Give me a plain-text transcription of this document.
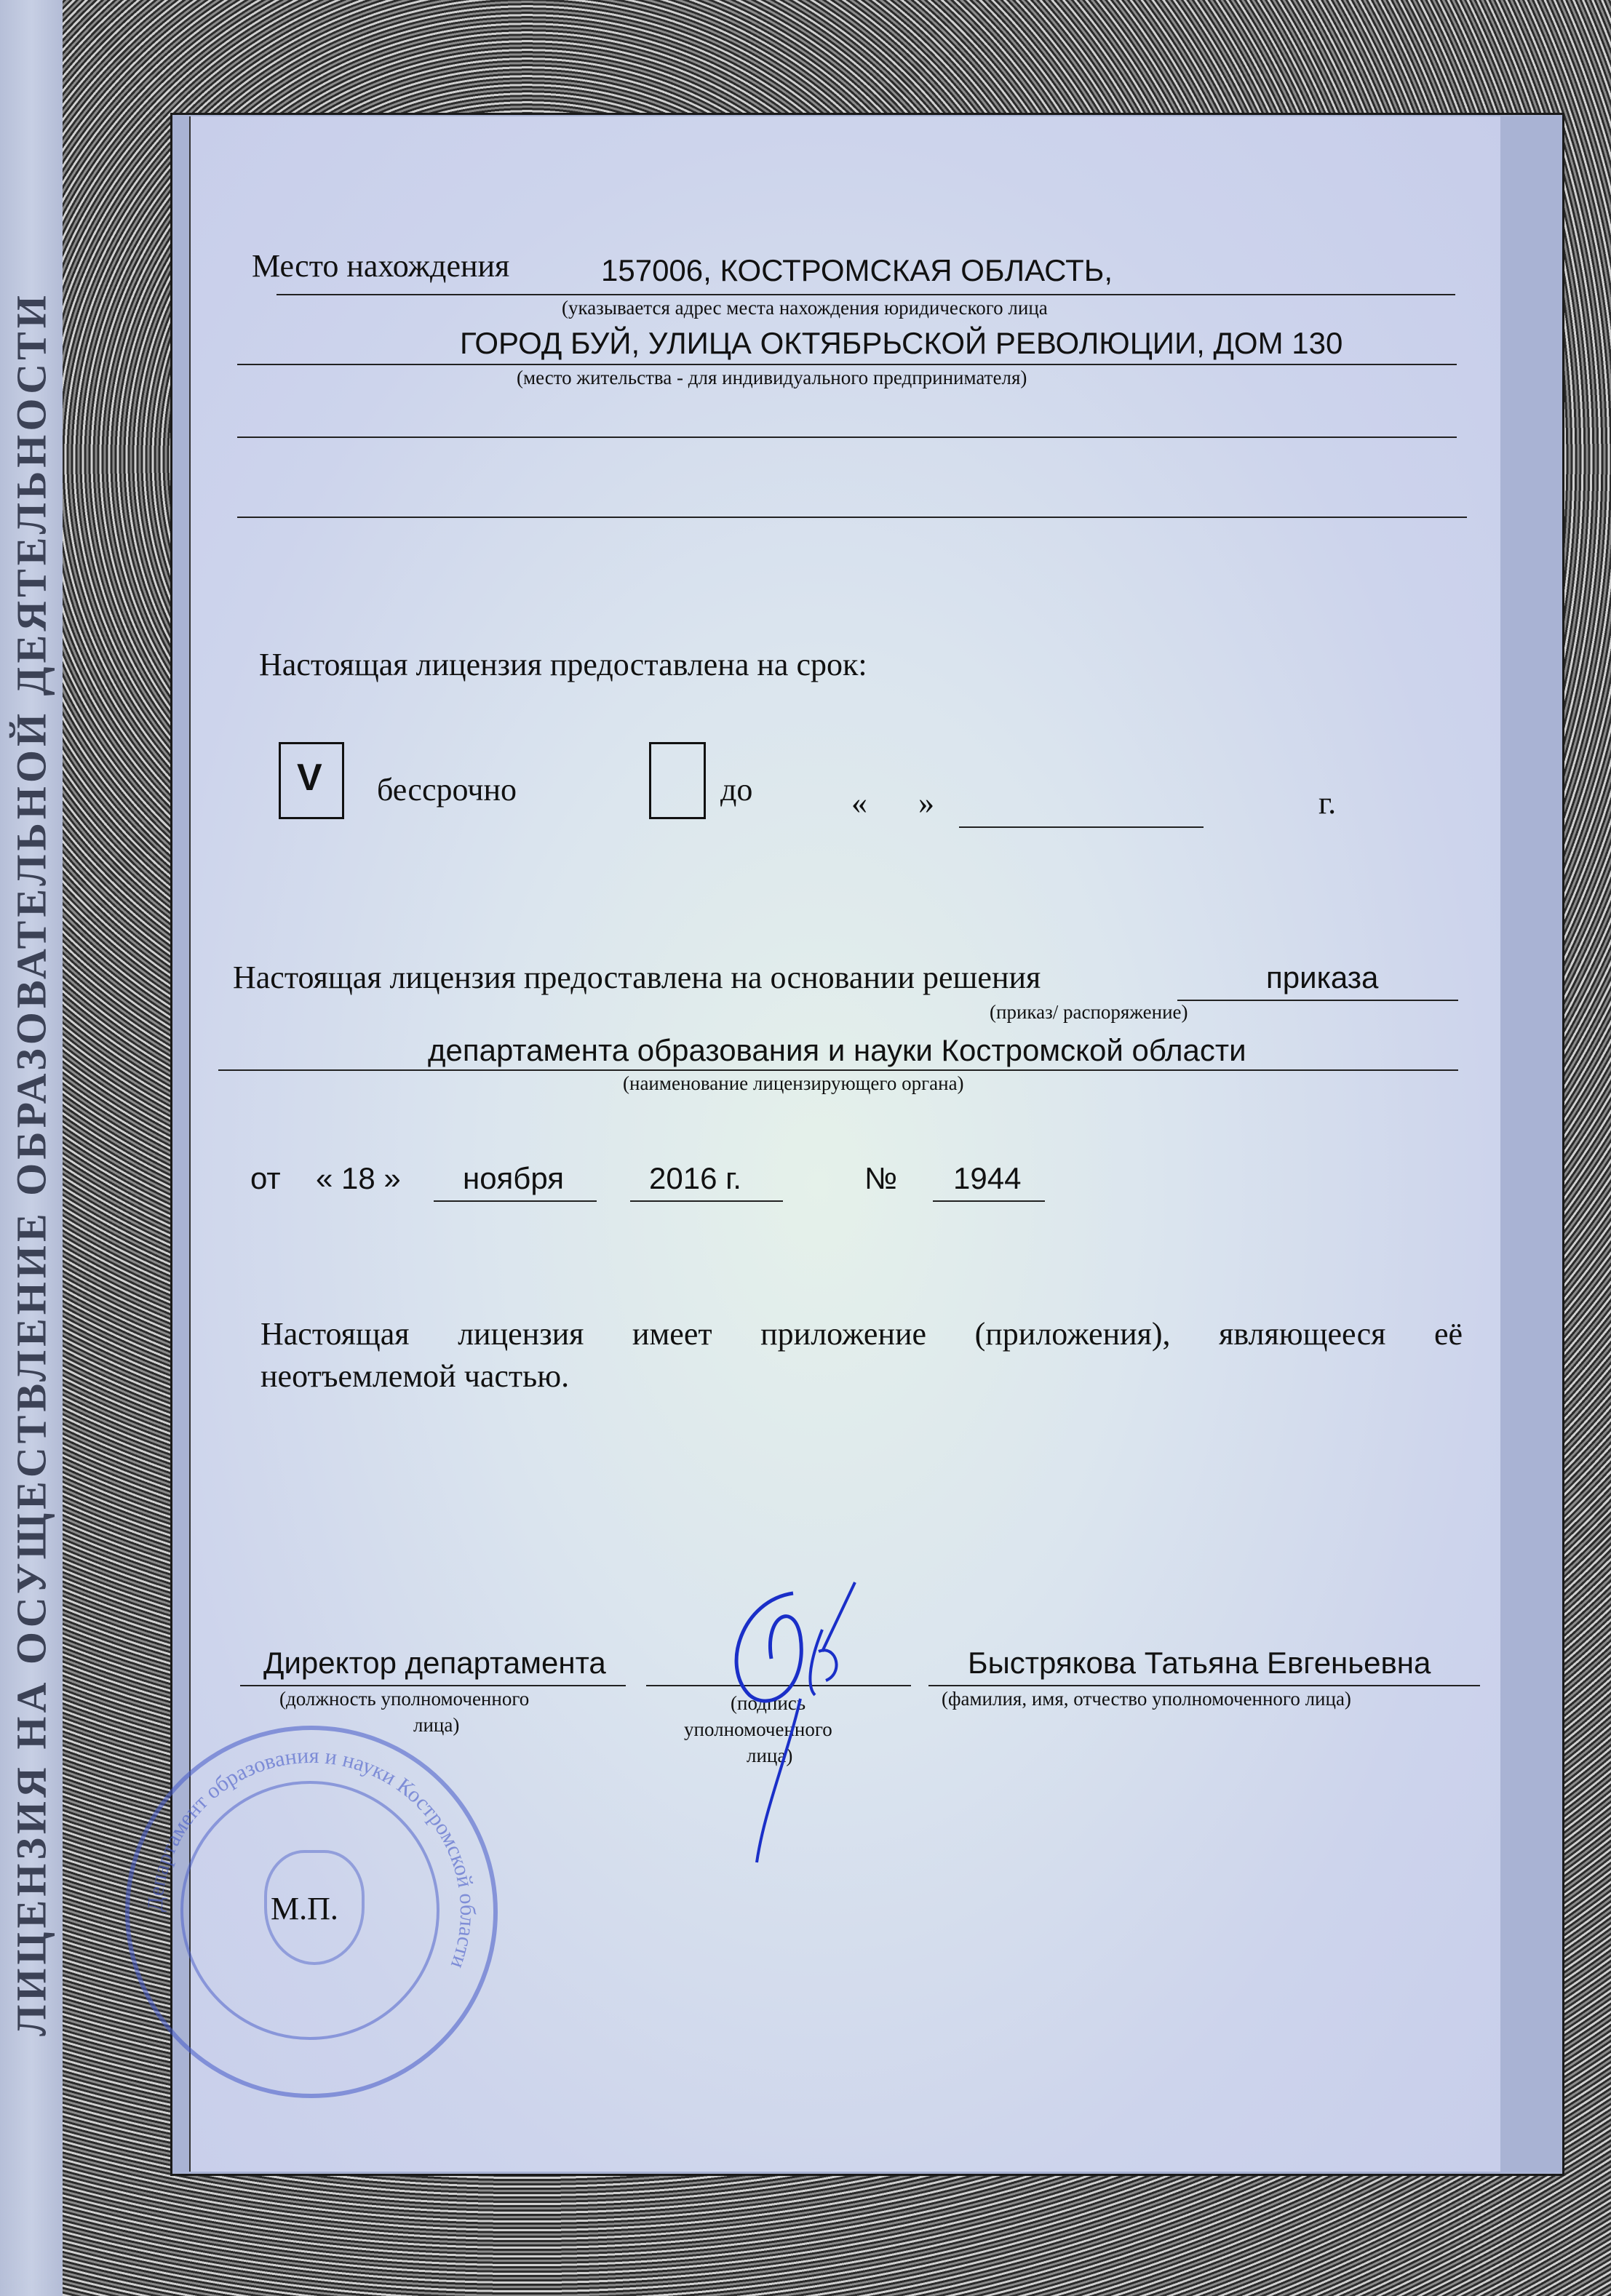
ЛИЦЕНЗИЯ НА ОСУЩЕСТВЛЕНИЕ ОБРАЗОВАТЕЛЬНОЙ ДЕЯТЕЛЬНОСТИ
Место нахождения	157006, КОСТРОМСКАЯ ОБЛАСТЬ,
(указывается адрес места нахождения юридического лица
ГОРОД БУЙ, УЛИЦА ОКТЯБРЬСКОЙ РЕВОЛЮЦИИ, ДОМ 130
(место жительства - для индивидуального предпринимателя)
Настоящая лицензия предоставлена на срок:
V бессрочно	до	« »	г.
Настоящая лицензия предоставлена на основании решения	приказа
(приказ/ распоряжение)
департамента образования и науки Костромской области
(наименование лицензирующего органа)
от « 18 » ноября	2016 г.	№ 1944
Настоящая лицензия имеет приложение (приложения), являющееся её
неотъемлемой частью.
Департамент образования и науки Костромской области
Директор департамента
(должность уполномоченного
лица)
(подпись
уполномоченного
лица)
Быстрякова Татьяна Евгеньевна
(фамилия, имя, отчество уполномоченного лица)
М.П.
